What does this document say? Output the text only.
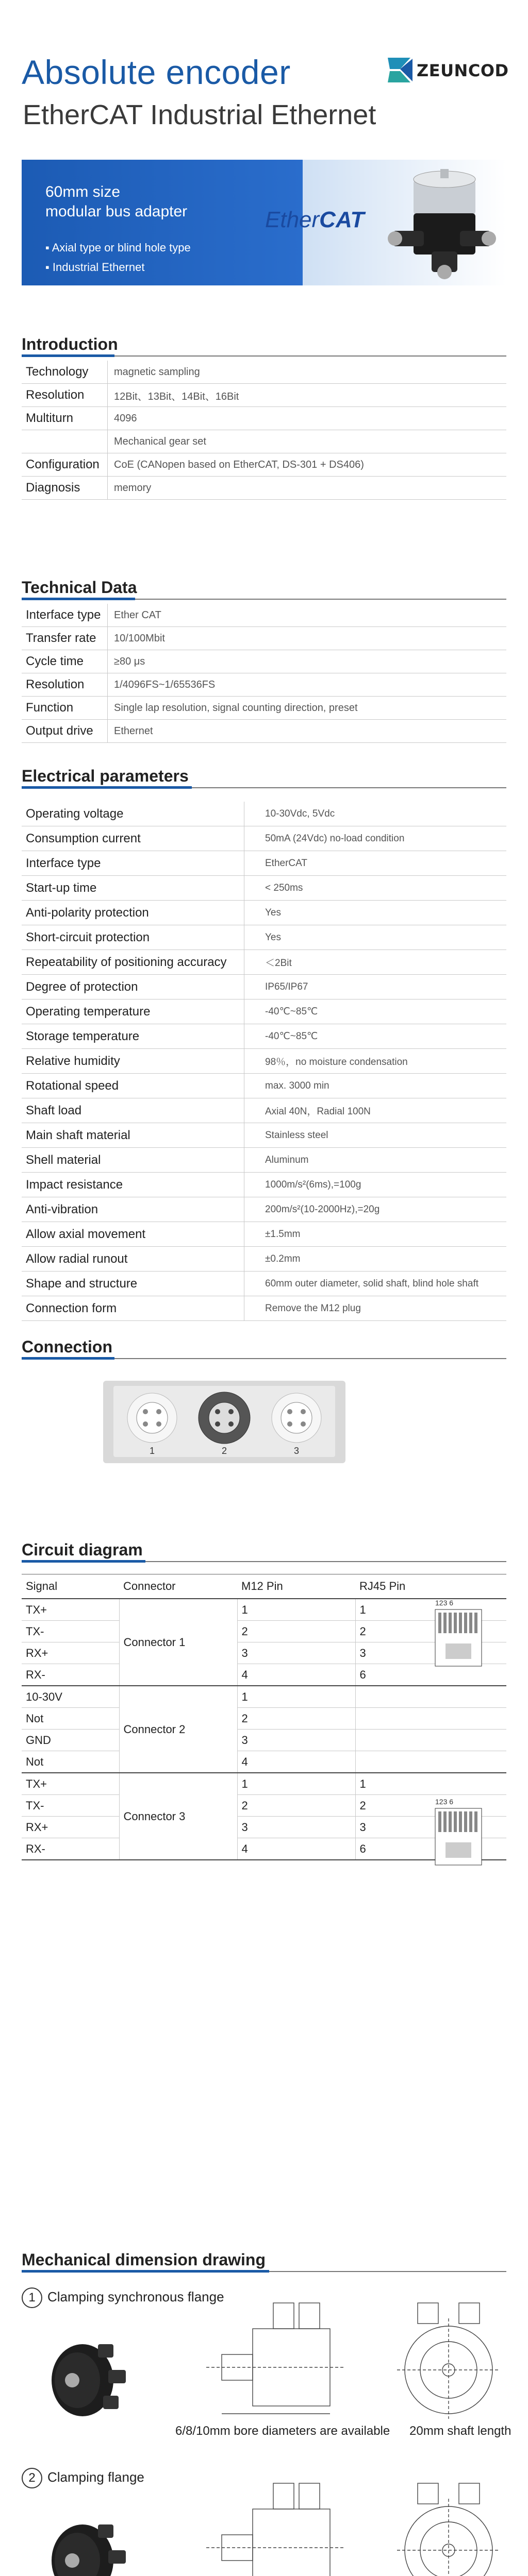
Absolute encoder
EtherCAT Industrial Ethernet
ZEUNCOD
60mm size
modular bus adapter
▪ Axial type or blind hole type
▪ Industrial Ethernet
EtherCAT
Introduction
Technology	magnetic sampling
Resolution	12Bit、13Bit、14Bit、16Bit
Multiturn	4096
	Mechanical gear set
Configuration	CoE (CANopen based on EtherCAT, DS-301 + DS406)
Diagnosis	memory
Technical Data
Interface type	Ether CAT
Transfer rate	10/100Mbit
Cycle time	≥80 μs
Resolution	1/4096FS~1/65536FS
Function	Single lap resolution, signal counting direction, preset
Output drive	Ethernet
Electrical parameters
Operating voltage	10-30Vdc, 5Vdc
Consumption current	50mA (24Vdc) no-load condition
Interface type	EtherCAT
Start-up time	< 250ms
Anti-polarity protection	Yes
Short-circuit protection	Yes
Repeatability of positioning accuracy	＜2Bit
Degree of protection	IP65/IP67
Operating temperature	-40℃~85℃
Storage temperature	-40℃~85℃
Relative humidity	98％，no moisture condensation
Rotational speed	max. 3000 min
Shaft load	Axial 40N，Radial 100N
Main shaft material	Stainless steel
Shell material	Aluminum
Impact resistance	1000m/s²(6ms),=100g
Anti-vibration	200m/s²(10-2000Hz),=20g
Allow axial movement	±1.5mm
Allow radial runout	±0.2mm
Shape and structure	60mm outer diameter, solid shaft, blind hole shaft
Connection form	Remove the M12 plug
Connection
1	2	3
Circuit diagram
Signal	Connector	M12 Pin	RJ45 Pin
TX+	Connector 1	1	1
TX-		2	2
RX+		3	3
RX-		4	6
10-30V	Connector 2	1	
Not		2	
GND		3	
Not		4	
TX+	Connector 3	1	1
TX-		2	2
RX+		3	3
RX-		4	6
123 6
123 6
Mechanical dimension drawing
1 Clamping synchronous flange
6/8/10mm bore diameters are available 20mm shaft length
2 Clamping flange
